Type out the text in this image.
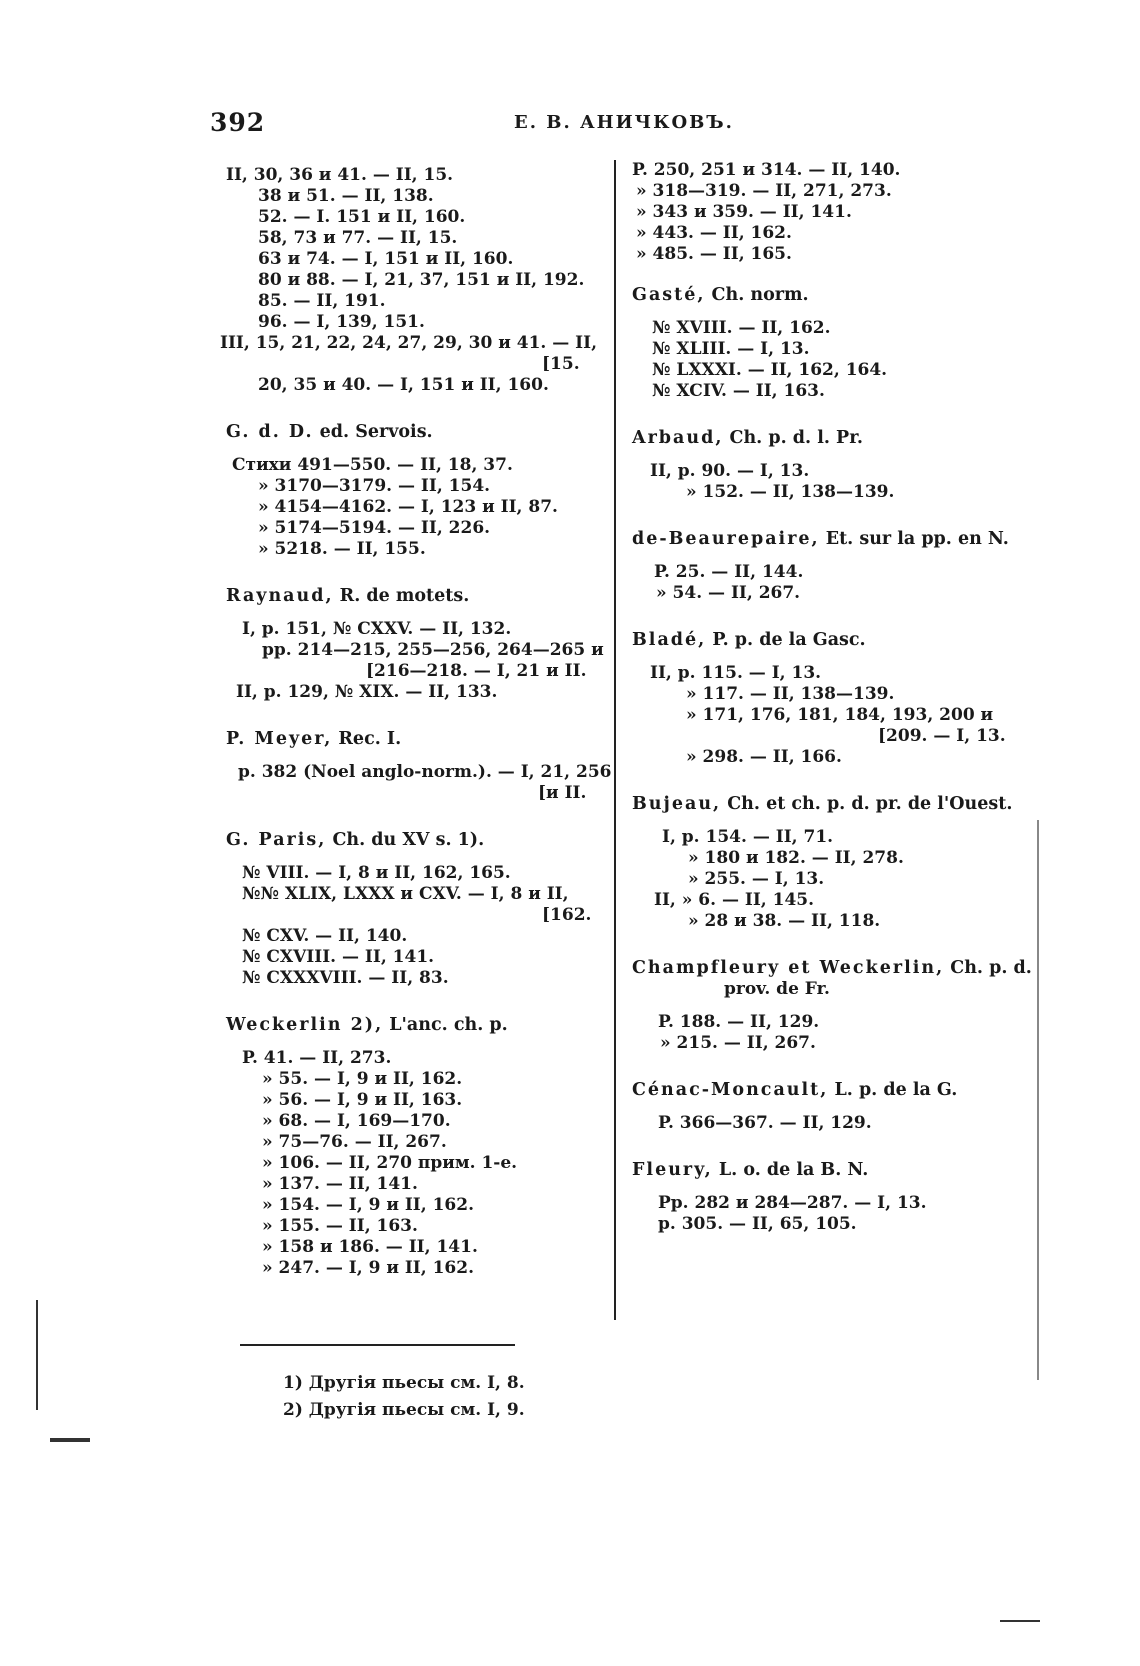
392	Е. В. АНИЧКОВЪ.
II, 30, 36 и 41. — II, 15.
38 и 51. — II, 138.
52. — I. 151 и II, 160.
58, 73 и 77. — II, 15.
63 и 74. — I, 151 и II, 160.
80 и 88. — I, 21, 37, 151 и II, 192.
85. — II, 191.
96. — I, 139, 151.
III, 15, 21, 22, 24, 27, 29, 30 и 41. — II,
[15.
20, 35 и 40. — I, 151 и II, 160.
G. d. D. ed. Servois.
Стихи 491—550. — II, 18, 37.
» 3170—3179. — II, 154.
» 4154—4162. — I, 123 и II, 87.
» 5174—5194. — II, 226.
» 5218. — II, 155.
Raynaud, R. de motets.
I, p. 151, № CXXV. — II, 132.
pp. 214—215, 255—256, 264—265 и
[216—218. — I, 21 и II.
II, p. 129, № XIX. — II, 133.
P. Meyer, Rec. I.
p. 382 (Noel anglo-norm.). — I, 21, 256
[и II.
G. Paris, Ch. du XV s. 1).
№ VIII. — I, 8 и II, 162, 165.
№№ XLIX, LXXX и CXV. — I, 8 и II,
[162.
№ CXV. — II, 140.
№ CXVIII. — II, 141.
№ CXXXVIII. — II, 83.
Weckerlin 2), L'anc. ch. p.
P. 41. — II, 273.
» 55. — I, 9 и II, 162.
» 56. — I, 9 и II, 163.
» 68. — I, 169—170.
» 75—76. — II, 267.
» 106. — II, 270 прим. 1-е.
» 137. — II, 141.
» 154. — I, 9 и II, 162.
» 155. — II, 163.
» 158 и 186. — II, 141.
» 247. — I, 9 и II, 162.
P. 250, 251 и 314. — II, 140.
» 318—319. — II, 271, 273.
» 343 и 359. — II, 141.
» 443. — II, 162.
» 485. — II, 165.
Gasté, Ch. norm.
№ XVIII. — II, 162.
№ XLIII. — I, 13.
№ LXXXI. — II, 162, 164.
№ XCIV. — II, 163.
Arbaud, Ch. p. d. l. Pr.
II, p. 90. — I, 13.
» 152. — II, 138—139.
de-Beaurepaire, Et. sur la pp. en N.
P. 25. — II, 144.
» 54. — II, 267.
Bladé, P. p. de la Gasc.
II, p. 115. — I, 13.
» 117. — II, 138—139.
» 171, 176, 181, 184, 193, 200 и
[209. — I, 13.
» 298. — II, 166.
Bujeau, Ch. et ch. p. d. pr. de l'Ouest.
I, p. 154. — II, 71.
» 180 и 182. — II, 278.
» 255. — I, 13.
II, » 6. — II, 145.
» 28 и 38. — II, 118.
Champfleury et Weckerlin, Ch. p. d.
prov. de Fr.
P. 188. — II, 129.
» 215. — II, 267.
Cénac-Moncault, L. p. de la G.
P. 366—367. — II, 129.
Fleury, L. o. de la B. N.
Pp. 282 и 284—287. — I, 13.
p. 305. — II, 65, 105.
1) Другія пьесы см. I, 8.
2) Другія пьесы см. I, 9.
